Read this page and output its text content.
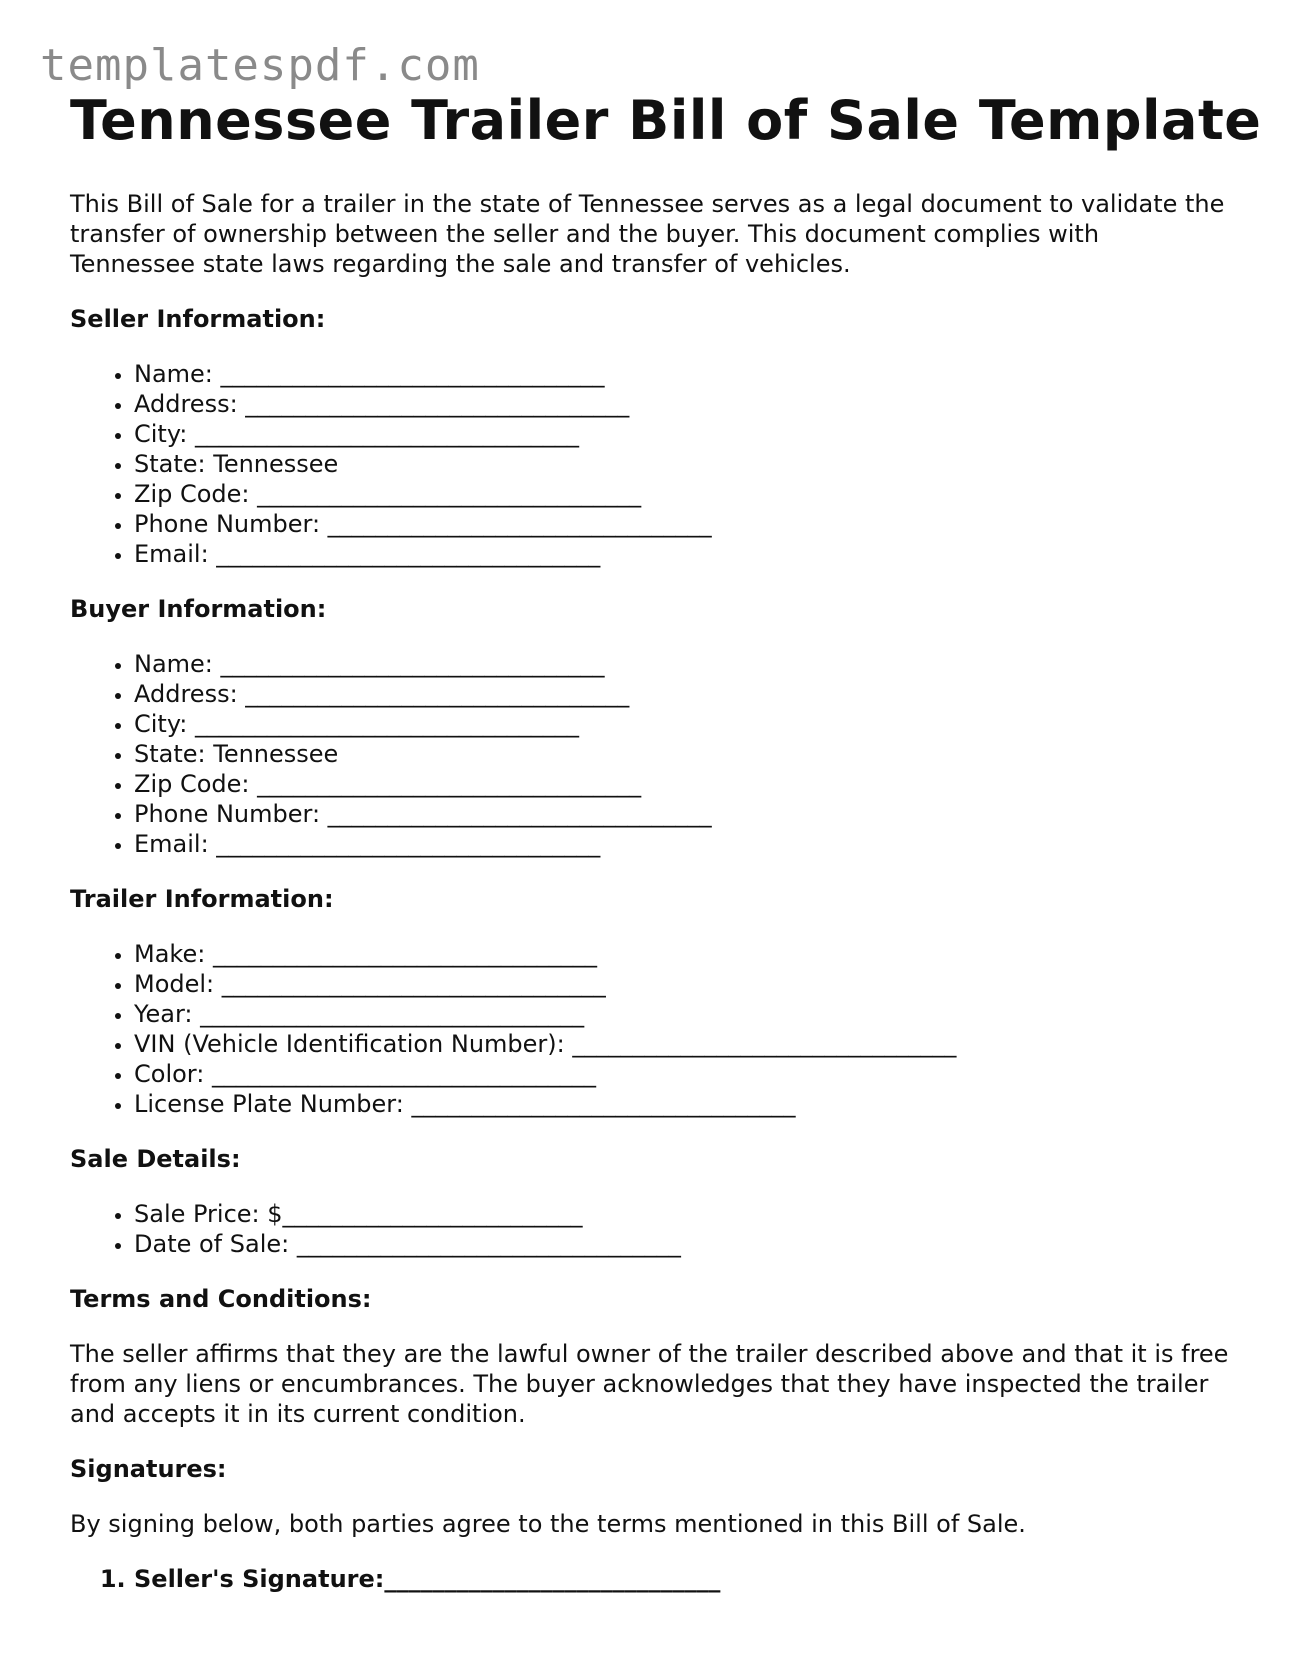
templatespdf.com
Tennessee Trailer Bill of Sale Template

This Bill of Sale for a trailer in the state of Tennessee serves as a legal document to validate the transfer of ownership between the seller and the buyer. This document complies with Tennessee state laws regarding the sale and transfer of vehicles.

Seller Information:
• Name: ________________________________
• Address: ________________________________
• City: ________________________________
• State: Tennessee
• Zip Code: ________________________________
• Phone Number: ________________________________
• Email: ________________________________
Buyer Information:
• Name: ________________________________
• Address: ________________________________
• City: ________________________________
• State: Tennessee
• Zip Code: ________________________________
• Phone Number: ________________________________
• Email: ________________________________
Trailer Information:
• Make: ________________________________
• Model: ________________________________
• Year: ________________________________
• VIN (Vehicle Identification Number): ________________________________
• Color: ________________________________
• License Plate Number: ________________________________
Sale Details:
• Sale Price: $_________________________
• Date of Sale: ________________________________
Terms and Conditions:

The seller affirms that they are the lawful owner of the trailer described above and that it is free from any liens or encumbrances. The buyer acknowledges that they have inspected the trailer and accepts it in its current condition.

Signatures:

By signing below, both parties agree to the terms mentioned in this Bill of Sale.

1. Seller's Signature:____________________________
